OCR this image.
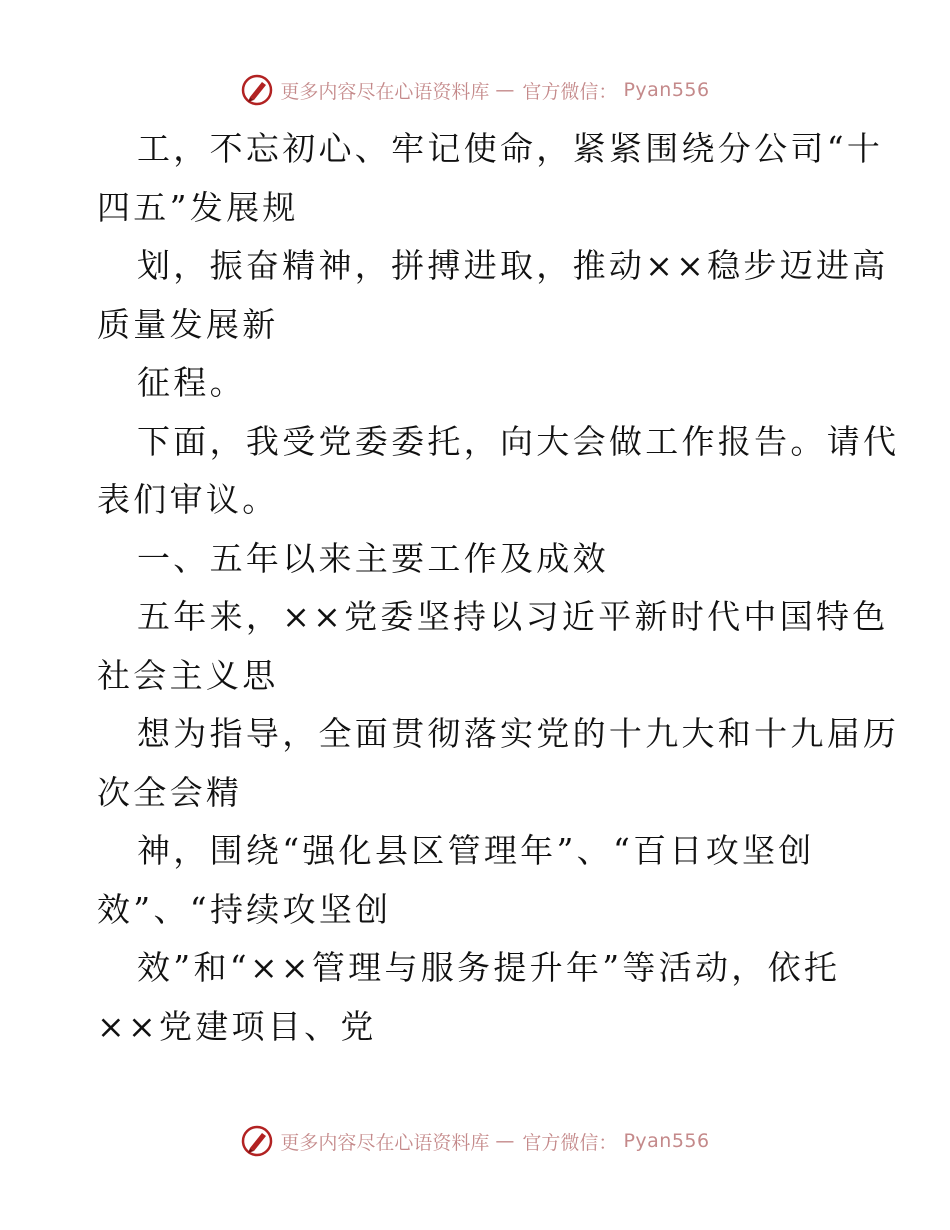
更多内容尽在心语资料库 — 官方微信： Pyan556
工，不忘初心、牢记使命，紧紧围绕分公司“十
四五”发展规
划，振奋精神，拼搏进取，推动××稳步迈进高
质量发展新
征程。
下面，我受党委委托，向大会做工作报告。请代
表们审议。
一、五年以来主要工作及成效
五年来，××党委坚持以习近平新时代中国特色
社会主义思
想为指导，全面贯彻落实党的十九大和十九届历
次全会精
神，围绕“强化县区管理年”、“百日攻坚创
效”、“持续攻坚创
效”和“××管理与服务提升年”等活动，依托
××党建项目、党
更多内容尽在心语资料库 — 官方微信： Pyan556
